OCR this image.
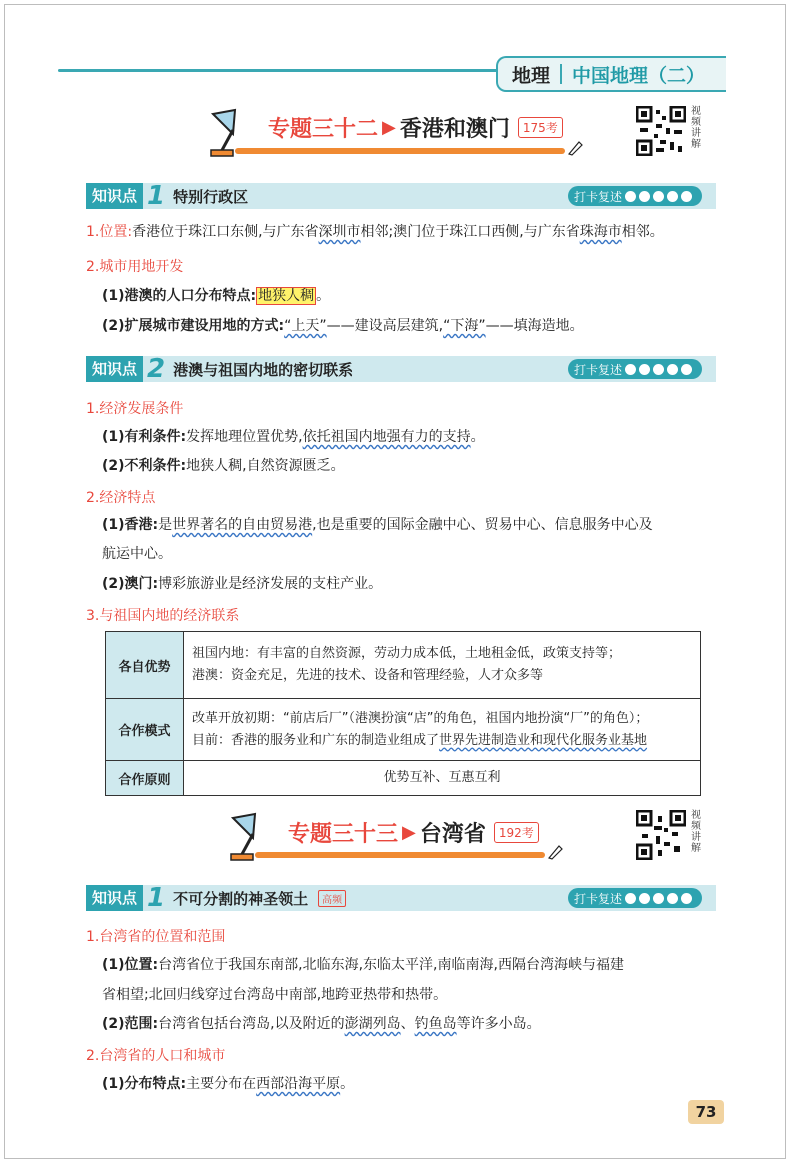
地理 中国地理（二）
专题三十二 ▶ 香港和澳门	175考
视
频
讲
解
知识点 1 特别行政区	打卡复述
1.位置:香港位于珠江口东侧,与广东省深圳市相邻;澳门位于珠江口西侧,与广东省珠海市相邻。
2.城市用地开发
(1)港澳的人口分布特点: 地狭人稠 。
(2)扩展城市建设用地的方式:“上天”——建设高层建筑,“下海”——填海造地。
知识点 2 港澳与祖国内地的密切联系	打卡复述
1.经济发展条件
(1)有利条件:发挥地理位置优势,依托祖国内地强有力的支持。
(2)不利条件:地狭人稠,自然资源匮乏。
2.经济特点
(1)香港:是世界著名的自由贸易港,也是重要的国际金融中心、贸易中心、信息服务中心及
航运中心。
(2)澳门:博彩旅游业是经济发展的支柱产业。
3.与祖国内地的经济联系
各自优势	祖国内地：有丰富的自然资源，劳动力成本低，土地租金低，政策支持等；
港澳：资金充足，先进的技术、设备和管理经验，人才众多等

合作模式	改革开放初期：“前店后厂”（港澳扮演“店”的角色，祖国内地扮演“厂”的角色）；
目前：香港的服务业和广东的制造业组成了世界先进制造业和现代化服务业基地

合作原则	优势互补、互惠互利
专题三十三 ▶ 台湾省	192考
视
频
讲
解
知识点 1 不可分割的神圣领土	高频	打卡复述
1.台湾省的位置和范围
(1)位置:台湾省位于我国东南部,北临东海,东临太平洋,南临南海,西隔台湾海峡与福建
省相望;北回归线穿过台湾岛中南部,地跨亚热带和热带。
(2)范围:台湾省包括台湾岛,以及附近的澎湖列岛、钓鱼岛等许多小岛。
2.台湾省的人口和城市
(1)分布特点:主要分布在西部沿海平原。
73
